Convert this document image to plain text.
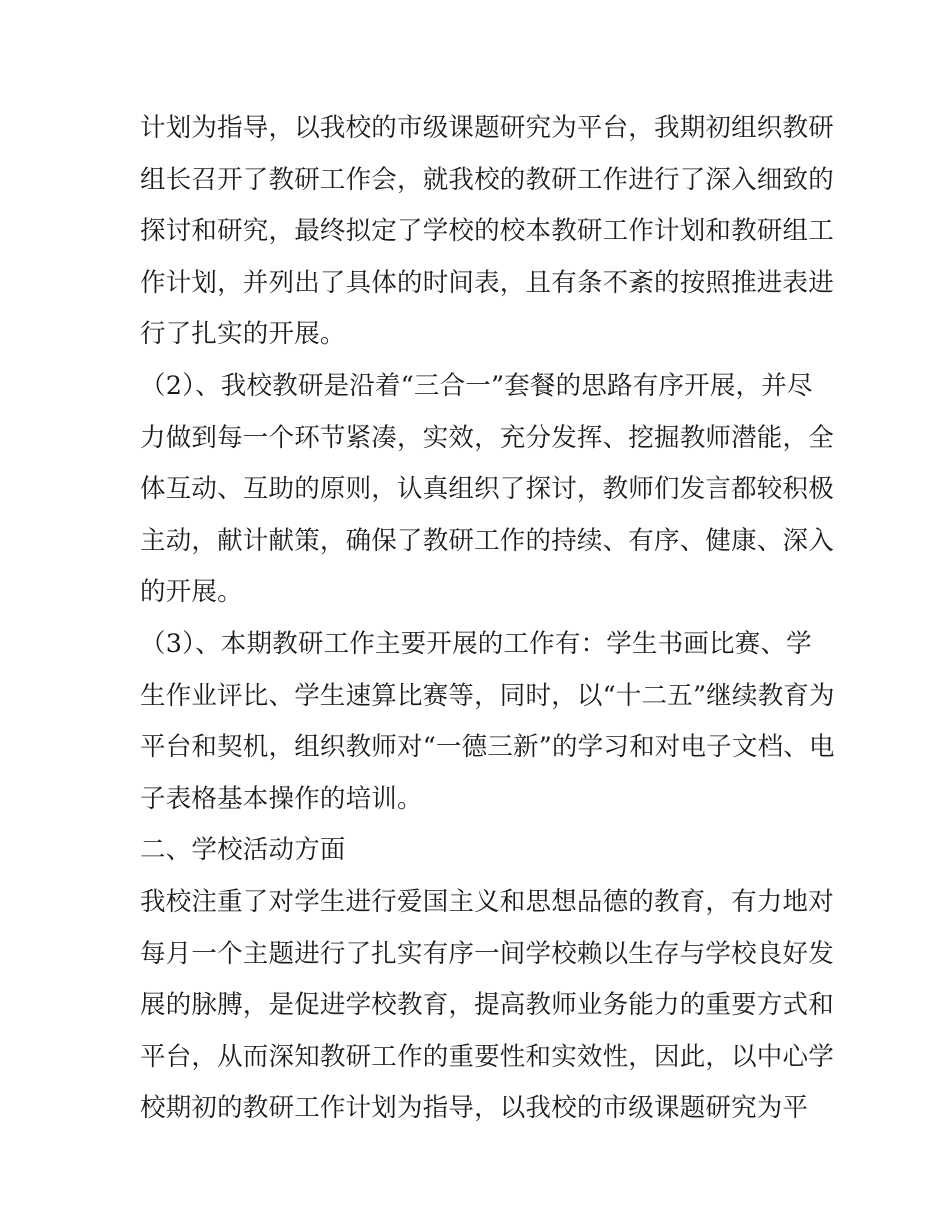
计划为指导，以我校的市级课题研究为平台，我期初组织教研
组长召开了教研工作会，就我校的教研工作进行了深入细致的
探讨和研究，最终拟定了学校的校本教研工作计划和教研组工
作计划，并列出了具体的时间表，且有条不紊的按照推进表进
行了扎实的开展。
（2）、我校教研是沿着“三合一”套餐的思路有序开展，并尽
力做到每一个环节紧凑，实效，充分发挥、挖掘教师潜能，全
体互动、互助的原则，认真组织了探讨，教师们发言都较积极
主动，献计献策，确保了教研工作的持续、有序、健康、深入
的开展。
（3）、本期教研工作主要开展的工作有：学生书画比赛、学
生作业评比、学生速算比赛等，同时，以“十二五”继续教育为
平台和契机，组织教师对“一德三新”的学习和对电子文档、电
子表格基本操作的培训。
二、学校活动方面
我校注重了对学生进行爱国主义和思想品德的教育，有力地对
每月一个主题进行了扎实有序一间学校赖以生存与学校良好发
展的脉膊，是促进学校教育，提高教师业务能力的重要方式和
平台，从而深知教研工作的重要性和实效性，因此，以中心学
校期初的教研工作计划为指导，以我校的市级课题研究为平
